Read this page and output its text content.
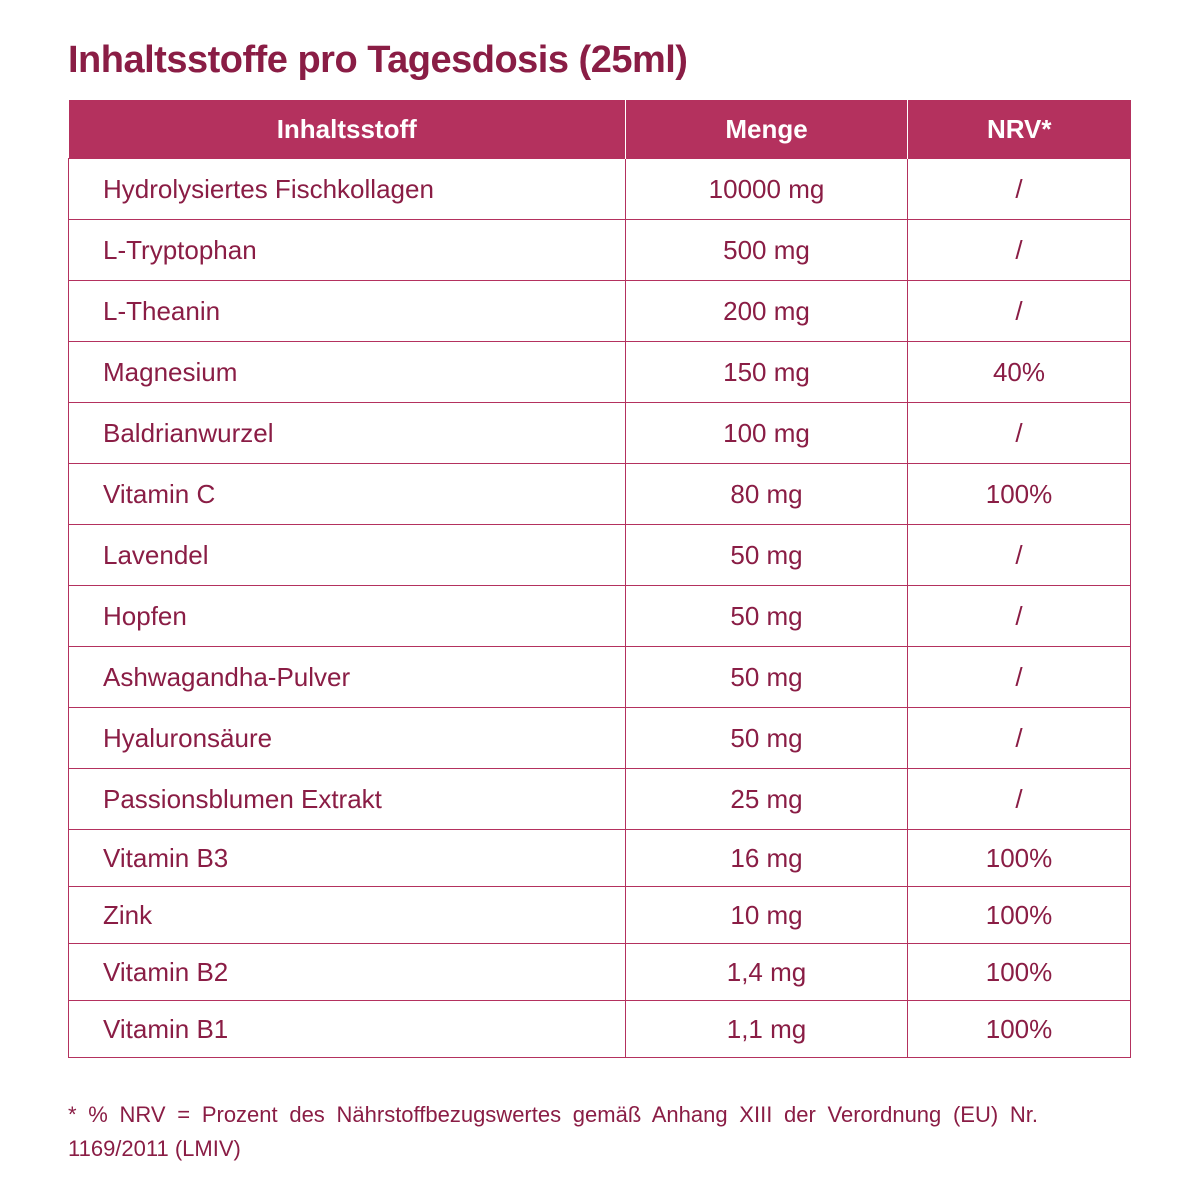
Inhaltsstoffe pro Tagesdosis (25ml)
Inhaltsstoff	Menge	NRV*
Hydrolysiertes Fischkollagen	10000 mg	/
L-Tryptophan	500 mg	/
L-Theanin	200 mg	/
Magnesium	150 mg	40%
Baldrianwurzel	100 mg	/
Vitamin C	80 mg	100%
Lavendel	50 mg	/
Hopfen	50 mg	/
Ashwagandha-Pulver	50 mg	/
Hyaluronsäure	50 mg	/
Passionsblumen Extrakt	25 mg	/
Vitamin B3	16 mg	100%
Zink	10 mg	100%
Vitamin B2	1,4 mg	100%
Vitamin B1	1,1 mg	100%

* % NRV = Prozent des Nährstoffbezugswertes gemäß Anhang XIII der Verordnung (EU) Nr. 1169/2011 (LMIV)
